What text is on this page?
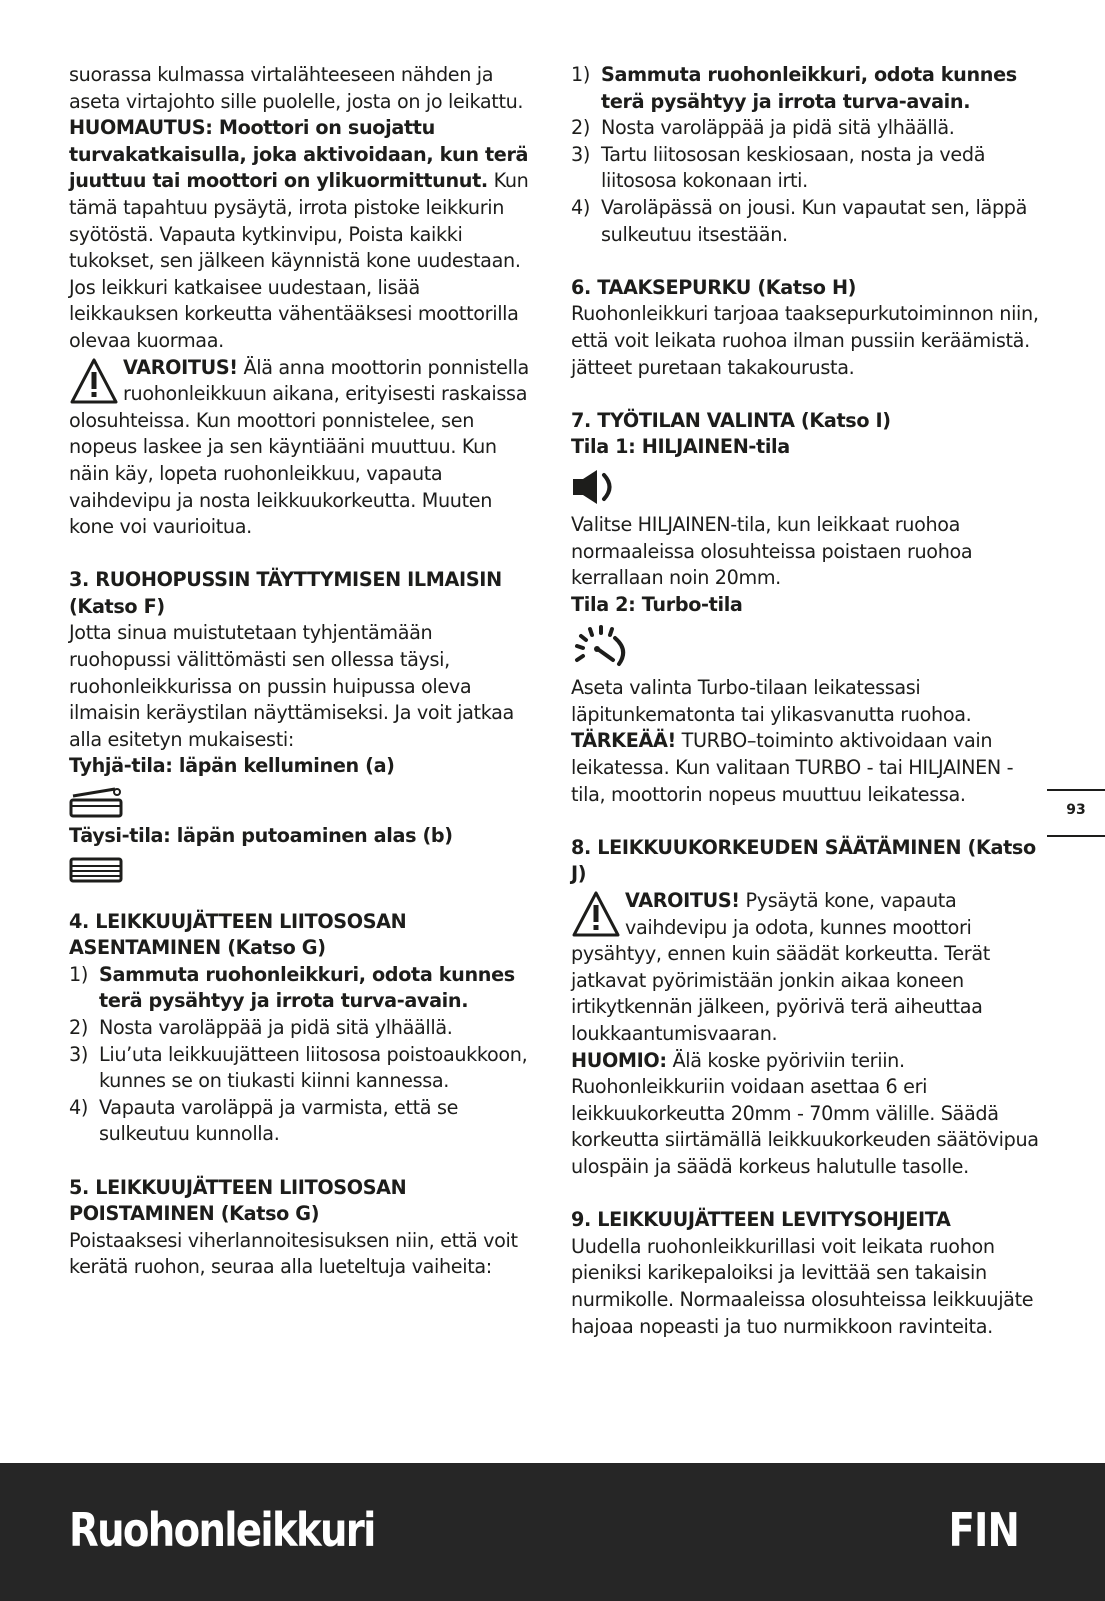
suorassa kulmassa virtalähteeseen nähden ja aseta virtajohto sille puolelle, josta on jo leikattu.

HUOMAUTUS: Moottori on suojattu turvakatkaisulla, joka aktivoidaan, kun terä juuttuu tai moottori on ylikuormittunut. Kun tämä tapahtuu pysäytä, irrota pistoke leikkurin syötöstä. Vapauta kytkinvipu, Poista kaikki tukokset, sen jälkeen käynnistä kone uudestaan. Jos leikkuri katkaisee uudestaan, lisää leikkauksen korkeutta vähentääksesi moottorilla olevaa kuormaa.

VAROITUS! Älä anna moottorin ponnistella ruohonleikkuun aikana, erityisesti raskaissa olosuhteissa. Kun moottori ponnistelee, sen nopeus laskee ja sen käyntiääni muuttuu. Kun näin käy, lopeta ruohonleikkuu, vapauta vaihdevipu ja nosta leikkuukorkeutta. Muuten kone voi vaurioitua.

3. RUOHOPUSSIN TÄYTTYMISEN ILMAISIN (Katso F)

Jotta sinua muistutetaan tyhjentämään ruohopussi välittömästi sen ollessa täysi, ruohonleikkurissa on pussin huipussa oleva ilmaisin keräystilan näyttämiseksi. Ja voit jatkaa alla esitetyn mukaisesti:

Tyhjä-tila: läpän kelluminen (a)

Täysi-tila: läpän putoaminen alas (b)

4. LEIKKUUJÄTTEEN LIITOSOSAN ASENTAMINEN (Katso G)

1) Sammuta ruohonleikkuri, odota kunnes terä pysähtyy ja irrota turva-avain.
2) Nosta varoläppää ja pidä sitä ylhäällä.
3) Liu’uta leikkuujätteen liitososa poistoaukkoon, kunnes se on tiukasti kiinni kannessa.
4) Vapauta varoläppä ja varmista, että se sulkeutuu kunnolla.

5. LEIKKUUJÄTTEEN LIITOSOSAN POISTAMINEN (Katso G)

Poistaaksesi viherlannoitesisuksen niin, että voit kerätä ruohon, seuraa alla lueteltuja vaiheita:

1) Sammuta ruohonleikkuri, odota kunnes terä pysähtyy ja irrota turva-avain.
2) Nosta varoläppää ja pidä sitä ylhäällä.
3) Tartu liitososan keskiosaan, nosta ja vedä liitososa kokonaan irti.
4) Varoläpässä on jousi. Kun vapautat sen, läppä sulkeutuu itsestään.

6. TAAKSEPURKU (Katso H)

Ruohonleikkuri tarjoaa taaksepurkutoiminnon niin, että voit leikata ruohoa ilman pussiin keräämistä. jätteet puretaan takakourusta.

7. TYÖTILAN VALINTA (Katso I)

Tila 1: HILJAINEN-tila

Valitse HILJAINEN-tila, kun leikkaat ruohoa normaaleissa olosuhteissa poistaen ruohoa kerrallaan noin 20mm.

Tila 2: Turbo-tila

Aseta valinta Turbo-tilaan leikatessasi läpitunkematonta tai ylikasvanutta ruohoa.

TÄRKEÄÄ! TURBO–toiminto aktivoidaan vain leikatessa. Kun valitaan TURBO - tai HILJAINEN -tila, moottorin nopeus muuttuu leikatessa.

8. LEIKKUUKORKEUDEN SÄÄTÄMINEN (Katso J)

VAROITUS! Pysäytä kone, vapauta vaihdevipu ja odota, kunnes moottori pysähtyy, ennen kuin säädät korkeutta. Terät jatkavat pyörimistään jonkin aikaa koneen irtikytkennän jälkeen, pyörivä terä aiheuttaa loukkaantumisvaaran.

HUOMIO: Älä koske pyöriviin teriin. Ruohonleikkuriin voidaan asettaa 6 eri leikkuukorkeutta 20mm - 70mm välille. Säädä korkeutta siirtämällä leikkuukorkeuden säätövipua ulospäin ja säädä korkeus halutulle tasolle.

9. LEIKKUUJÄTTEEN LEVITYSOHJEITA

Uudella ruohonleikkurillasi voit leikata ruohon pieniksi karikepaloiksi ja levittää sen takaisin nurmikolle. Normaaleissa olosuhteissa leikkuujäte hajoaa nopeasti ja tuo nurmikkoon ravinteita.

93
Ruohonleikkuri	FIN
